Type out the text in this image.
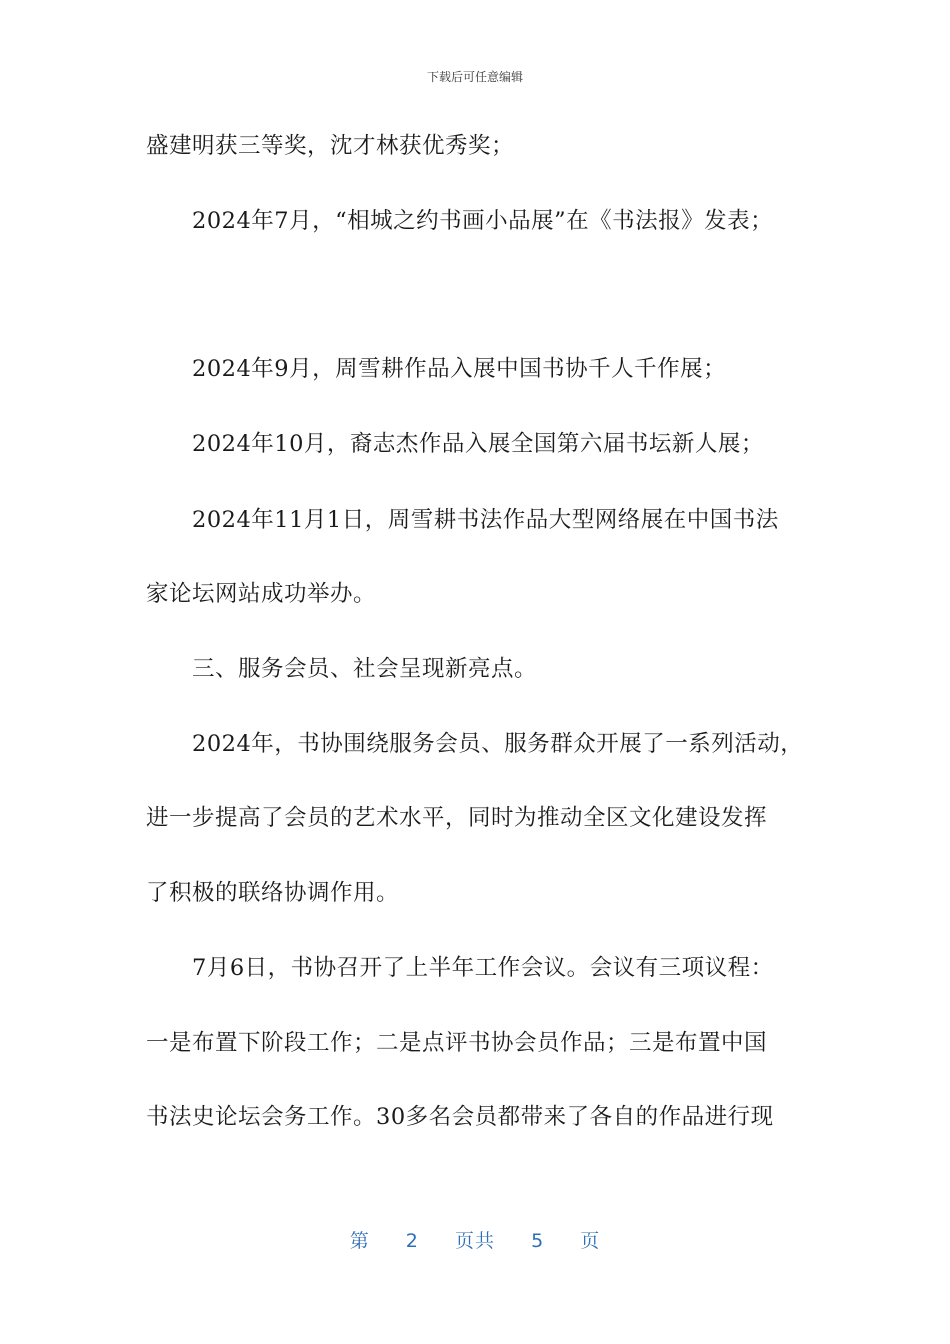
下载后可任意编辑
盛建明获三等奖，沈才林获优秀奖；
2024年7月，“相城之约书画小品展”在《书法报》发表；
2024年9月，周雪耕作品入展中国书协千人千作展；
2024年10月，裔志杰作品入展全国第六届书坛新人展；
2024年11月1日，周雪耕书法作品大型网络展在中国书法
家论坛网站成功举办。
三、服务会员、社会呈现新亮点。
2024年，书协围绕服务会员、服务群众开展了一系列活动，
进一步提高了会员的艺术水平，同时为推动全区文化建设发挥
了积极的联络协调作用。
7月6日，书协召开了上半年工作会议。会议有三项议程：
一是布置下阶段工作；二是点评书协会员作品；三是布置中国
书法史论坛会务工作。30多名会员都带来了各自的作品进行现
第 2 页共 5 页
